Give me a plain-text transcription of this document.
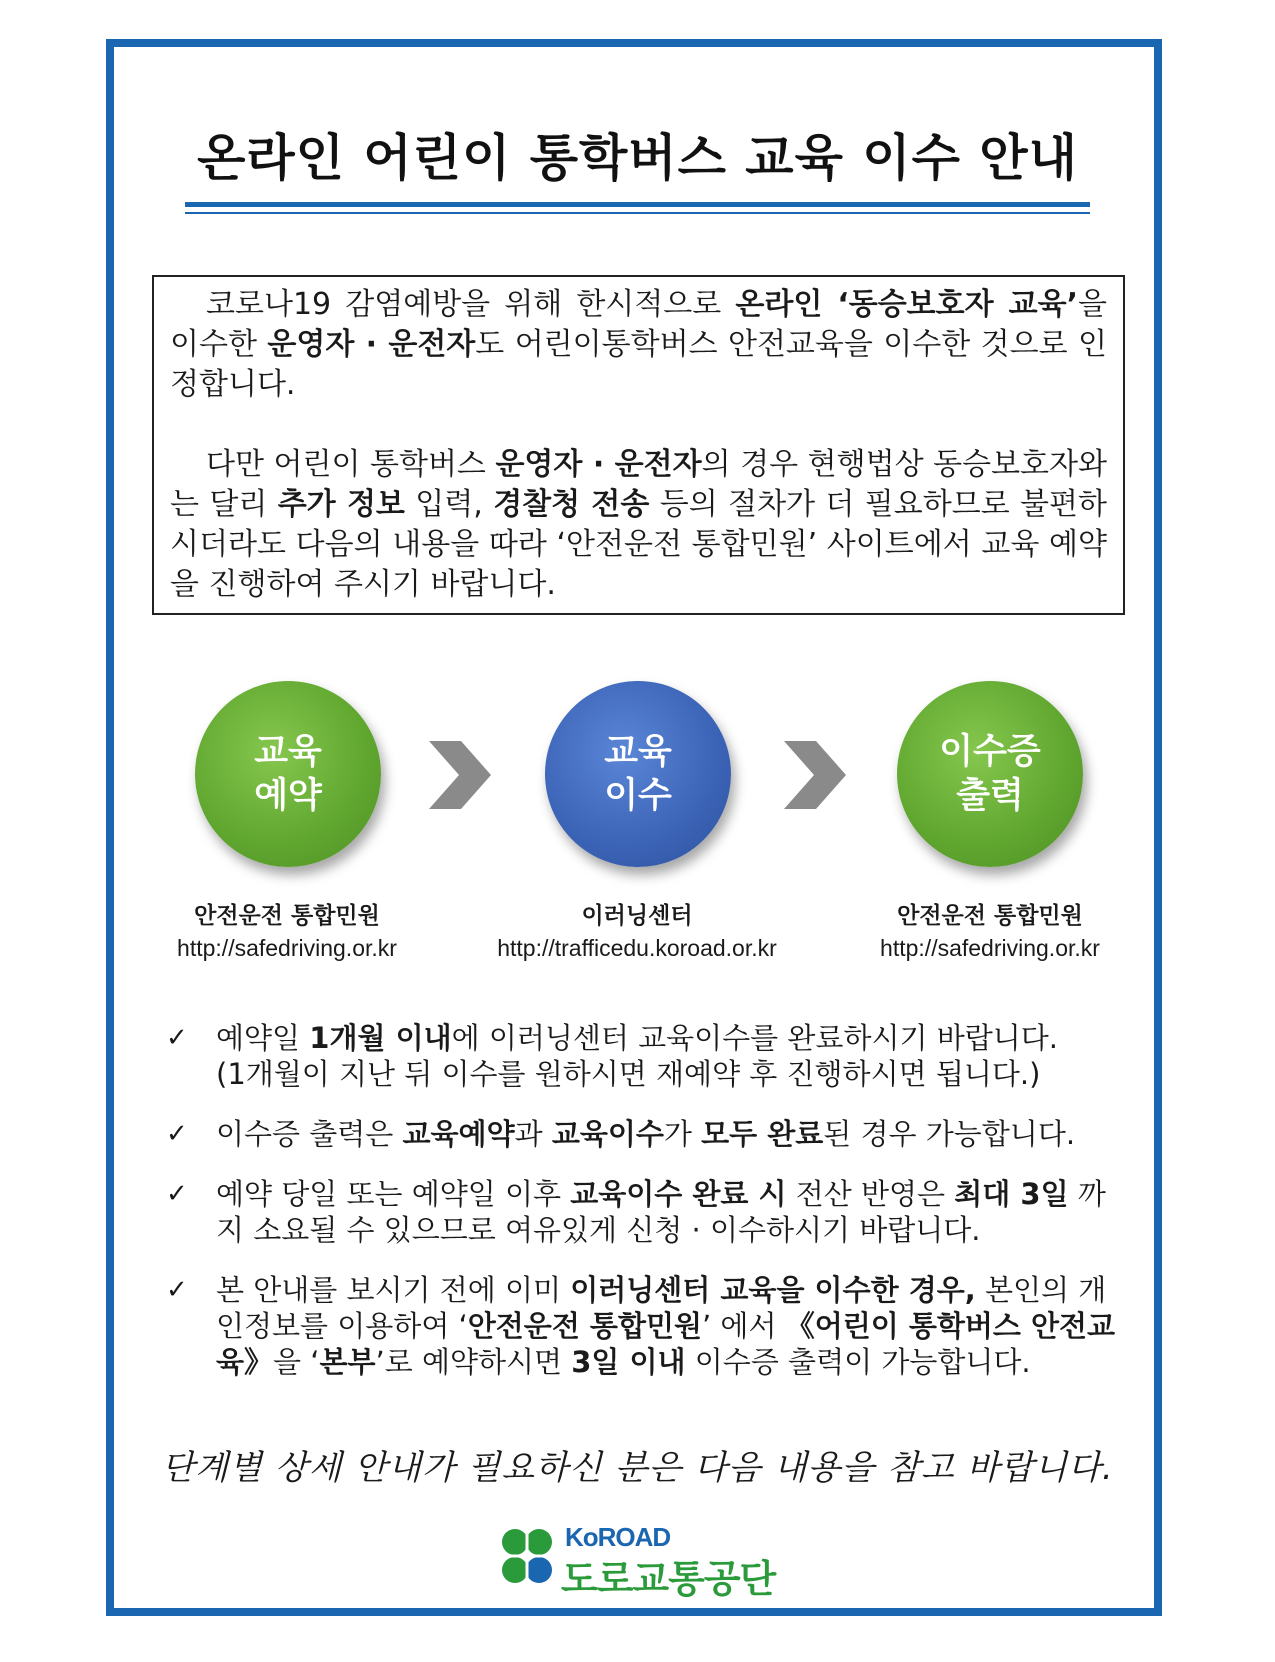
온라인 어린이 통학버스 교육 이수 안내

코로나19 감염예방을 위해 한시적으로 온라인 ‘동승보호자 교육’을 이수한 운영자 · 운전자도 어린이통학버스 안전교육을 이수한 것으로 인정합니다.

다만 어린이 통학버스 운영자 · 운전자의 경우 현행법상 동승보호자와는 달리 추가 정보 입력, 경찰청 전송 등의 절차가 더 필요하므로 불편하시더라도 다음의 내용을 따라 ‘안전운전 통합민원’ 사이트에서 교육 예약을 진행하여 주시기 바랍니다.

교육
예약
교육
이수
이수증
출력
안전운전 통합민원
http://safedriving.or.kr
이러닝센터
http://trafficedu.koroad.or.kr
안전운전 통합민원
http://safedriving.or.kr
✓ 예약일 1개월 이내에 이러닝센터 교육이수를 완료하시기 바랍니다.
(1개월이 지난 뒤 이수를 원하시면 재예약 후 진행하시면 됩니다.)
✓ 이수증 출력은 교육예약과 교육이수가 모두 완료된 경우 가능합니다.
✓ 예약 당일 또는 예약일 이후 교육이수 완료 시 전산 반영은 최대 3일 까지 소요될 수 있으므로 여유있게 신청 · 이수하시기 바랍니다.
✓ 본 안내를 보시기 전에 이미 이러닝센터 교육을 이수한 경우, 본인의 개인정보를 이용하여 ‘안전운전 통합민원’ 에서 《어린이 통학버스 안전교육》을 ‘본부’로 예약하시면 3일 이내 이수증 출력이 가능합니다.
단계별 상세 안내가 필요하신 분은 다음 내용을 참고 바랍니다.
KoROAD
도로교통공단
